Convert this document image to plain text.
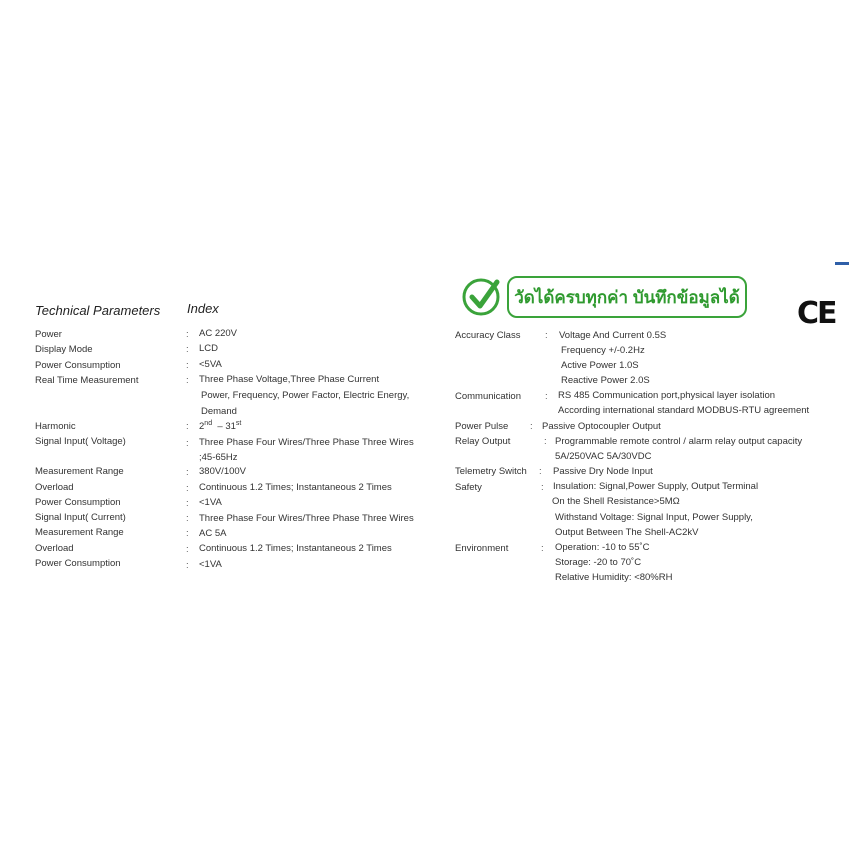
Technical Parameters Index
วัดได้ครบทุกค่า บันทึกข้อมูลได้ CE
Power	: AC 220V
Display Mode	: LCD
Power Consumption	: <5VA
Real Time Measurement	: Three Phase Voltage,Three Phase Current
Power, Frequency, Power Factor, Electric Energy,
Demand
Harmonic	: 2nd – 31st
Signal Input( Voltage)	: Three Phase Four Wires/Three Phase Three Wires
;45-65Hz
Measurement Range	: 380V/100V
Overload	: Continuous 1.2 Times; Instantaneous 2 Times
Power Consumption	: <1VA
Signal Input( Current)	: Three Phase Four Wires/Three Phase Three Wires
Measurement Range	: AC 5A
Overload	: Continuous 1.2 Times; Instantaneous 2 Times
Power Consumption	: <1VA
Accuracy Class	: Voltage And Current 0.5S
Frequency +/-0.2Hz
Active Power 1.0S
Reactive Power 2.0S
Communication	: RS 485 Communication port,physical layer isolation
According international standard MODBUS-RTU agreement
Power Pulse : Passive Optocoupler Output
Relay Output	: Programmable remote control / alarm relay output capacity
5A/250VAC 5A/30VDC
Telemetry Switch : Passive Dry Node Input
Safety	: Insulation: Signal,Power Supply, Output Terminal
On the Shell Resistance>5MΩ
Withstand Voltage: Signal Input, Power Supply,
Output Between The Shell-AC2kV
Environment	: Operation: -10 to 55˚C
Storage: -20 to 70˚C
Relative Humidity: <80%RH
